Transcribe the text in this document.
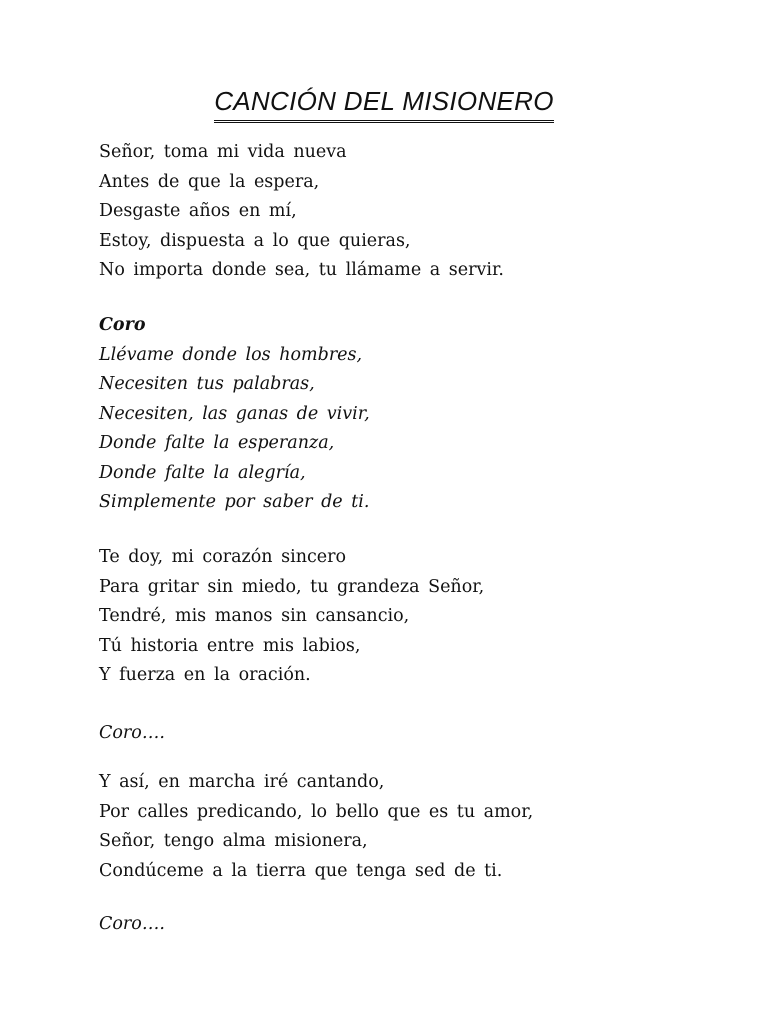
CANCIÓN DEL MISIONERO
Señor, toma mi vida nueva
Antes de que la espera,
Desgaste años en mí,
Estoy, dispuesta a lo que quieras,
No importa donde sea, tu llámame a servir.
Coro
Llévame donde los hombres,
Necesiten tus palabras,
Necesiten, las ganas de vivir,
Donde falte la esperanza,
Donde falte la alegría,
Simplemente por saber de ti.
Te doy, mi corazón sincero
Para gritar sin miedo, tu grandeza Señor,
Tendré, mis manos sin cansancio,
Tú historia entre mis labios,
Y fuerza en la oración.
Coro….
Y así, en marcha iré cantando,
Por calles predicando, lo bello que es tu amor,
Señor, tengo alma misionera,
Condúceme a la tierra que tenga sed de ti.
Coro….
